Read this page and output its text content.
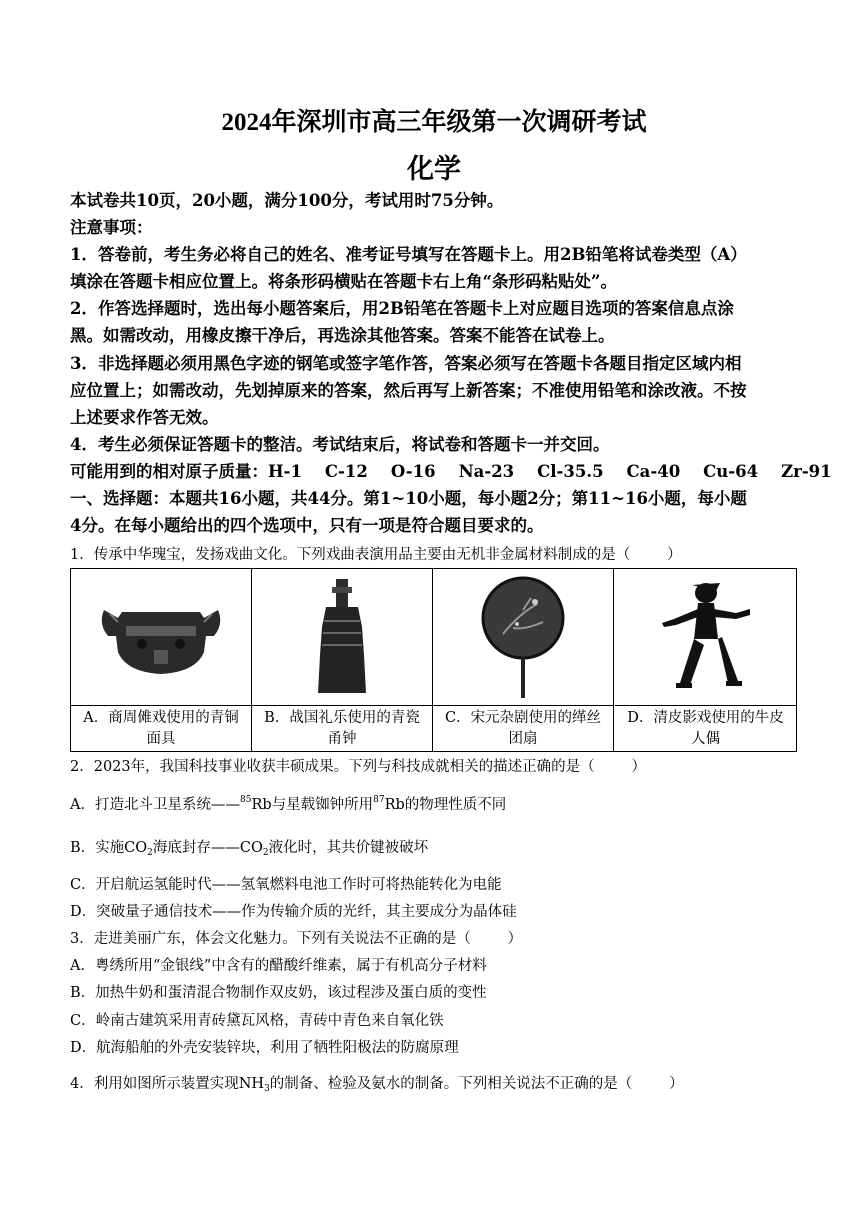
2024年深圳市高三年级第一次调研考试
化学
本试卷共10页，20小题，满分100分，考试用时75分钟。
注意事项：
1．答卷前，考生务必将自己的姓名、准考证号填写在答题卡上。用2B铅笔将试卷类型（A）
填涂在答题卡相应位置上。将条形码横贴在答题卡右上角“条形码粘贴处”。
2．作答选择题时，选出每小题答案后，用2B铅笔在答题卡上对应题目选项的答案信息点涂
黑。如需改动，用橡皮擦干净后，再选涂其他答案。答案不能答在试卷上。
3．非选择题必须用黑色字迹的钢笔或签字笔作答，答案必须写在答题卡各题目指定区域内相
应位置上；如需改动，先划掉原来的答案，然后再写上新答案；不准使用铅笔和涂改液。不按
上述要求作答无效。
4．考生必须保证答题卡的整洁。考试结束后，将试卷和答题卡一并交回。
可能用到的相对原子质量：H-1    C-12    O-16    Na-23    Cl-35.5    Ca-40    Cu-64    Zr-91
一、选择题：本题共16小题，共44分。第1~10小题，每小题2分；第11~16小题，每小题
4分。在每小题给出的四个选项中，只有一项是符合题目要求的。
1．传承中华瑰宝，发扬戏曲文化。下列戏曲表演用品主要由无机非金属材料制成的是（        ）
A．商周傩戏使用的青铜
面具
B．战国礼乐使用的青瓷
甬钟
C．宋元杂剧使用的缂丝
团扇
D．清皮影戏使用的牛皮
人偶
2．2023年，我国科技事业收获丰硕成果。下列与科技成就相关的描述正确的是（        ）
A．打造北斗卫星系统——$^{85}$Rb与星载铷钟所用$^{87}$Rb的物理性质不同
B．实施$CO_2$海底封存$——CO_2$液化时，其共价键被破坏
C．开启航运氢能时代——氢氧燃料电池工作时可将热能转化为电能
D．突破量子通信技术——作为传输介质的光纤，其主要成分为晶体硅
3．走进美丽广东，体会文化魅力。下列有关说法不正确的是（        ）
A．粤绣所用“金银线”中含有的醋酸纤维素，属于有机高分子材料
B．加热牛奶和蛋清混合物制作双皮奶，该过程涉及蛋白质的变性
C．岭南古建筑采用青砖黛瓦风格，青砖中青色来自氧化铁
D．航海船舶的外壳安装锌块，利用了牺牲阳极法的防腐原理
4．利用如图所示装置实现$NH_3$的制备、检验及氨水的制备。下列相关说法不正确的是（        ）
